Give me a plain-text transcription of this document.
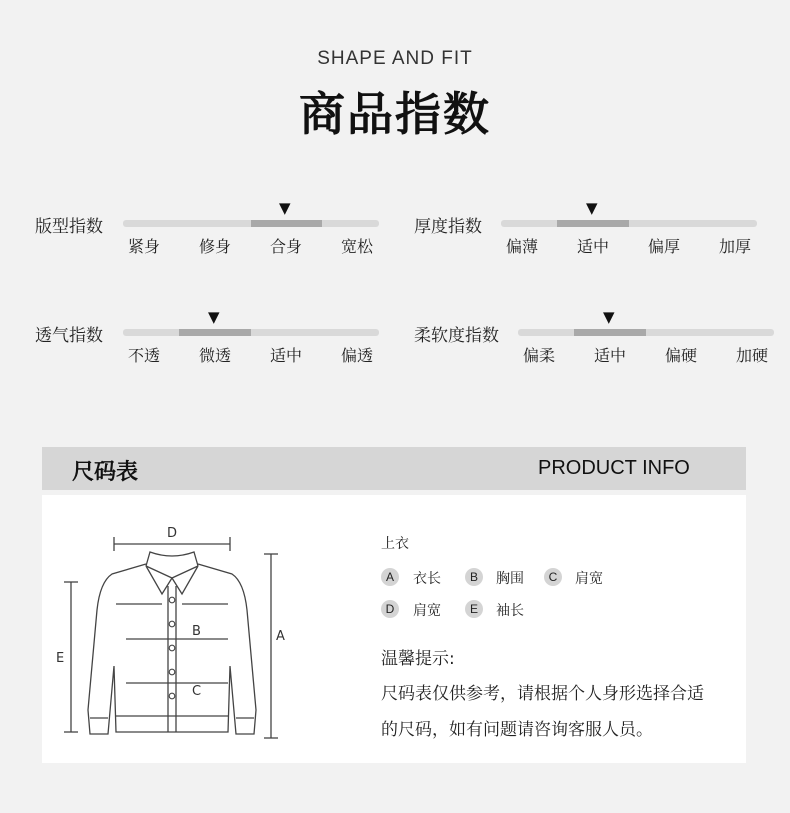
SHAPE AND FIT
商品指数
版型指数
▼
紧身	修身	合身	宽松
厚度指数
▼
偏薄	适中	偏厚	加厚
透气指数
▼
不透	微透	适中	偏透
柔软度指数
▼
偏柔	适中	偏硬	加硬
尺码表	PRODUCT INFO
D
A
E
B
C
上衣
A	衣长	B	胸围	C	肩宽
D	肩宽	E	袖长
温馨提示:
尺码表仅供参考，请根据个人身形选择合适
的尺码，如有问题请咨询客服人员。
